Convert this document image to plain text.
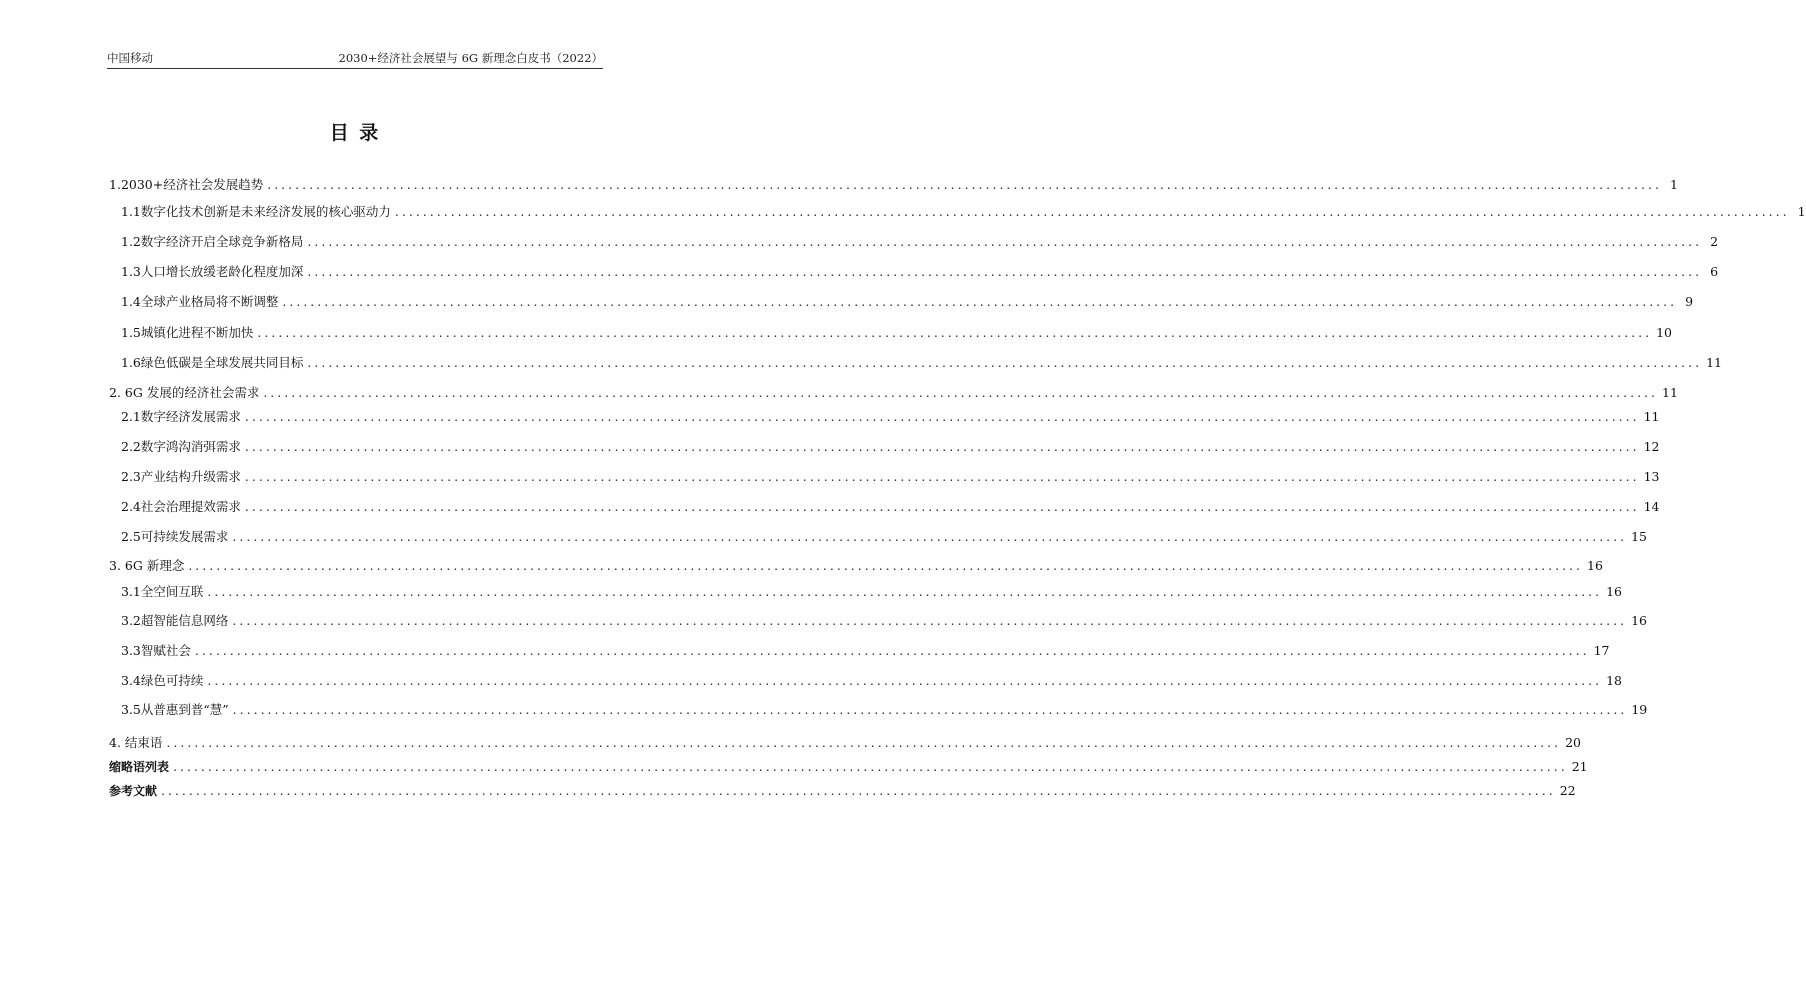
中国移动	2030+经济社会展望与 6G 新理念白皮书（2022）
目 录
1. 2030+经济社会发展趋势 ........................................................................................................................................................................................................ 1
1.1 数字化技术创新是未来经济发展的核心驱动力 ........................................................................................................................................................................................................ 1
1.2 数字经济开启全球竞争新格局 ........................................................................................................................................................................................................ 2
1.3 人口增长放缓老龄化程度加深 ........................................................................................................................................................................................................ 6
1.4 全球产业格局将不断调整 ........................................................................................................................................................................................................ 9
1.5 城镇化进程不断加快 ........................................................................................................................................................................................................ 10
1.6 绿色低碳是全球发展共同目标 ........................................................................................................................................................................................................ 11
2. 6G 发展的经济社会需求 ........................................................................................................................................................................................................ 11
2.1 数字经济发展需求 ........................................................................................................................................................................................................ 11
2.2 数字鸿沟消弭需求 ........................................................................................................................................................................................................ 12
2.3 产业结构升级需求 ........................................................................................................................................................................................................ 13
2.4 社会治理提效需求 ........................................................................................................................................................................................................ 14
2.5 可持续发展需求 ........................................................................................................................................................................................................ 15
3. 6G 新理念 ........................................................................................................................................................................................................ 16
3.1 全空间互联 ........................................................................................................................................................................................................ 16
3.2 超智能信息网络 ........................................................................................................................................................................................................ 16
3.3 智赋社会 ........................................................................................................................................................................................................ 17
3.4 绿色可持续 ........................................................................................................................................................................................................ 18
3.5 从普惠到普“慧” ........................................................................................................................................................................................................ 19
4. 结束语 ........................................................................................................................................................................................................ 20
缩略语列表 ........................................................................................................................................................................................................ 21
参考文献 ........................................................................................................................................................................................................ 22
